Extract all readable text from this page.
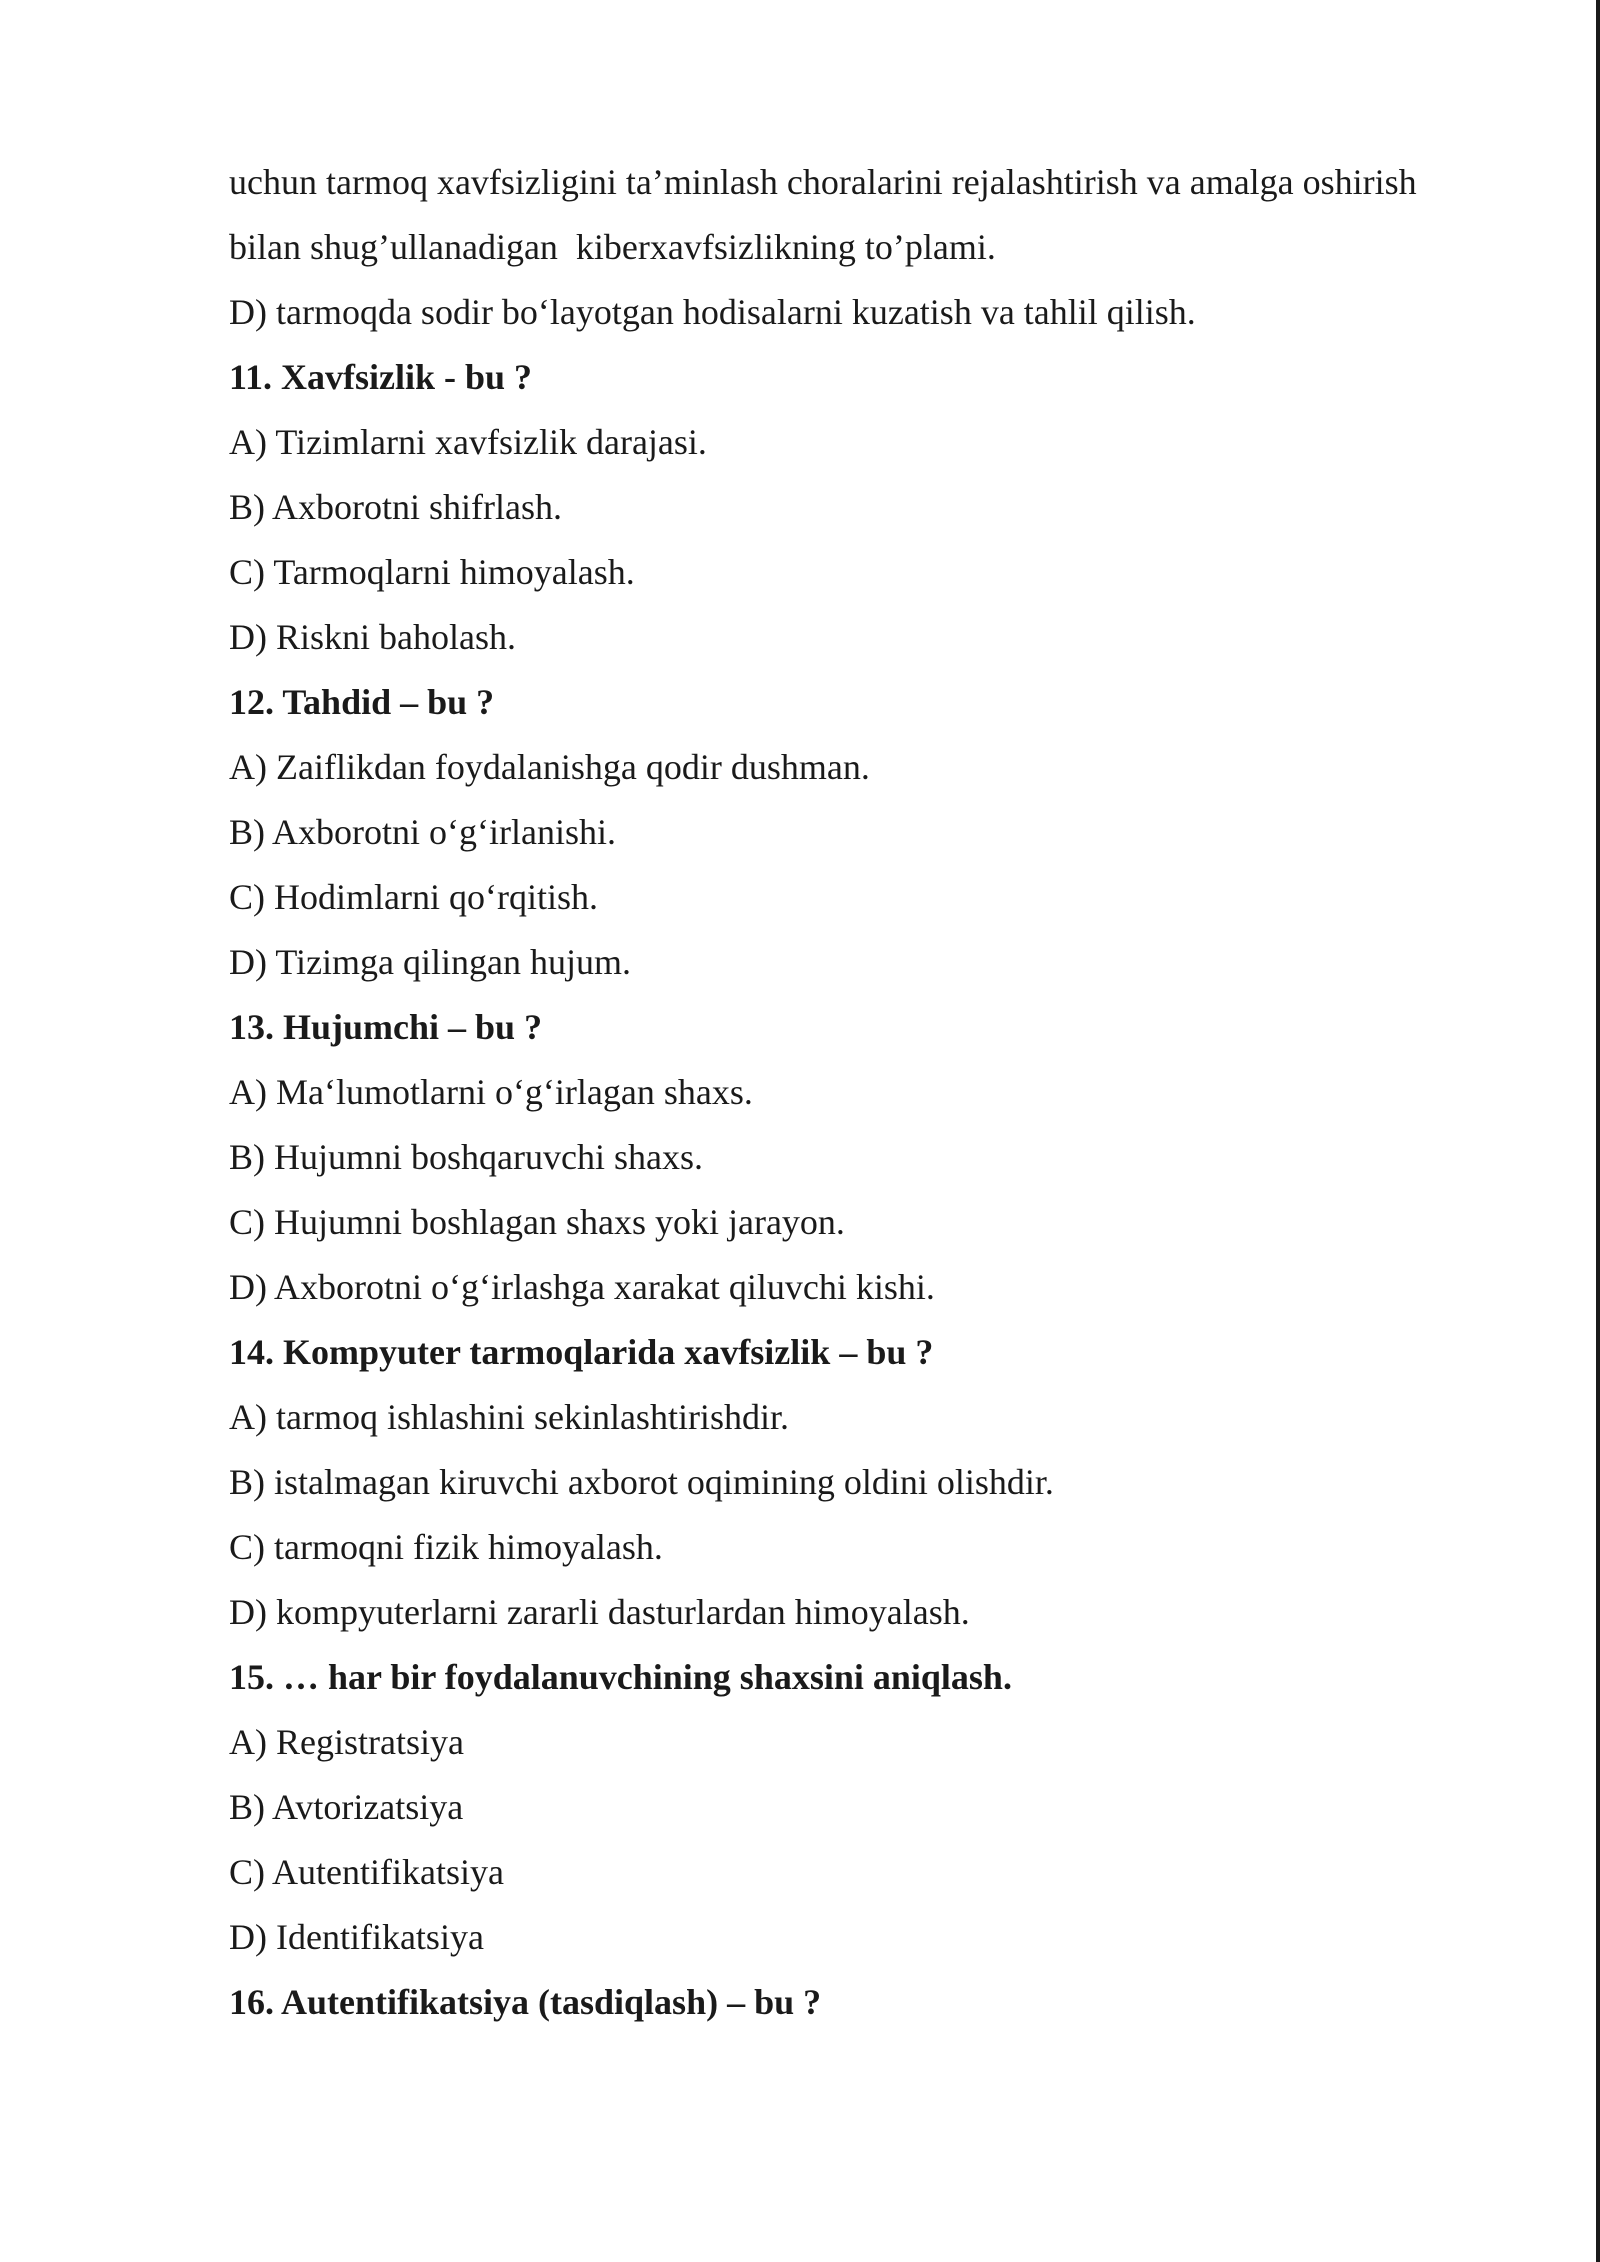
uchun tarmoq xavfsizligini ta’minlash choralarini rejalashtirish va amalga oshirish

bilan shug’ullanadigan  kiberxavfsizlikning to’plami.

D) tarmoqda sodir bo‘layotgan hodisalarni kuzatish va tahlil qilish.

11. Xavfsizlik - bu ?

A) Tizimlarni xavfsizlik darajasi.

B) Axborotni shifrlash.

C) Tarmoqlarni himoyalash.

D) Riskni baholash.

12. Tahdid – bu ?

A) Zaiflikdan foydalanishga qodir dushman.

B) Axborotni o‘g‘irlanishi.

C) Hodimlarni qo‘rqitish.

D) Tizimga qilingan hujum.

13. Hujumchi – bu ?

A) Ma‘lumotlarni o‘g‘irlagan shaxs.

B) Hujumni boshqaruvchi shaxs.

C) Hujumni boshlagan shaxs yoki jarayon.

D) Axborotni o‘g‘irlashga xarakat qiluvchi kishi.

14. Kompyuter tarmoqlarida xavfsizlik – bu ?

A) tarmoq ishlashini sekinlashtirishdir.

B) istalmagan kiruvchi axborot oqimining oldini olishdir.

C) tarmoqni fizik himoyalash.

D) kompyuterlarni zararli dasturlardan himoyalash.

15. … har bir foydalanuvchining shaxsini aniqlash.

A) Registratsiya

B) Avtorizatsiya

C) Autentifikatsiya

D) Identifikatsiya

16. Autentifikatsiya (tasdiqlash) – bu ?
